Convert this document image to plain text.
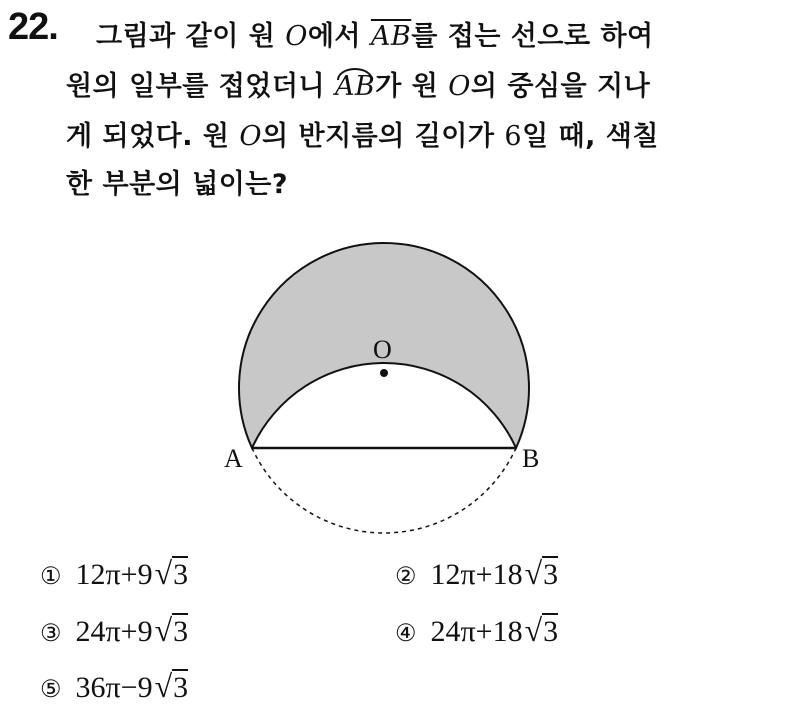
22. 그림과 같이 원 O에서 $\overline{AB}$를 접는 선으로 하여
원의 일부를 접었더니 AB가 원 O의 중심을 지나
게 되었다. 원 O의 반지름의 길이가 6일 때, 색칠
한 부분의 넓이는?
O
A	B
① 12π+9√3	② 12π+18√3
③ 24π+9√3	④ 24π+18√3
⑤ 36π−9√3
